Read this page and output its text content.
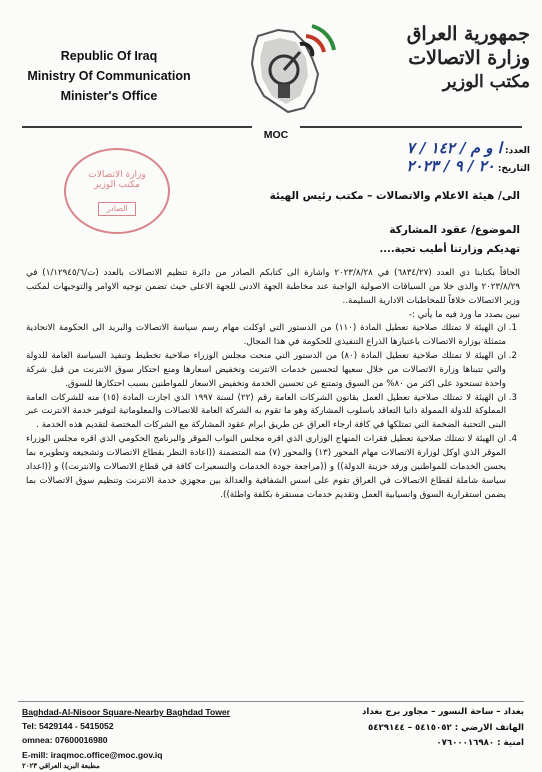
Republic Of Iraq
Ministry Of Communication
Minister's Office
MOC
جمهورية العراق
وزارة الاتصالات
مكتب الوزير
العدد: ا و م / ١٤٢ / ٧
التاريخ: ٢٠ / ٩ / ٢٠٢٣
وزارة الاتصالات
مكتب الوزير
الصادر
الى/ هيئة الاعلام والاتصالات – مكتب رئيس الهيئة
الموضوع/ عقود المشاركة
تهديكم وزارتنا أطيب تحية....

الحاقاً بكتابنا ذي العدد (٦٨٣٤/٢٧) في ٢٠٢٣/٨/٢٨ واشارة الى كتابكم الصادر من دائرة تنظيم الاتصالات بالعدد (ت/١/١٢٩٤٥/٦) في ٢٠٢٣/٨/٢٩ والذي خلا من السياقات الاصولية الواجبة عند مخاطبة الجهة الادنى للجهة الاعلى حيث تضمن توجيه الاوامر والتوجيهات لمكتب وزير الاتصالات خلافاً للمخاطبات الادارية السليمة..

نبين بصدد ما ورد فيه ما يأتي :-

1. ان الهيئة لا تمتلك صلاحية تعطيل المادة (١١٠) من الدستور التي اوكلت مهام رسم سياسة الاتصالات والبريد الى الحكومة الاتحادية متمثلة بوزارة الاتصالات باعتبارها الذراع التنفيذي للحكومة في هذا المجال.
2. ان الهيئة لا تمتلك صلاحية تعطيل المادة (٨٠) من الدستور التي منحت مجلس الوزراء صلاحية تخطيط وتنفيذ السياسة العامة للدولة والتي تتبناها وزارة الاتصالات من خلال سعيها لتحسين خدمات الانترنت وتخفيض اسعارها ومنع احتكار سوق الانترنت من قبل شركة واحدة تستحوذ على اكثر من ٨٠% من السوق وتمتنع عن تحسين الخدمة وتخفيض الاسعار للمواطنين بسبب احتكارها للسوق.
3. ان الهيئة لا تمتلك صلاحية تعطيل العمل بقانون الشركات العامة رقم (٢٢) لسنة ١٩٩٧ الذي اجازت المادة (١٥) منه للشركات العامة المملوكة للدولة الممولة ذاتيا التعاقد باسلوب المشاركة وهو ما تقوم به الشركة العامة للاتصالات والمعلوماتية لتوفير خدمة الانترنت عبر البنى التحتية الضخمة التي تمتلكها في كافة ارجاء العراق عن طريق ابرام عقود المشاركة مع الشركات المختصة لتقديم هذه الخدمة .
4. ان الهيئة لا تمتلك صلاحية تعطيل فقرات المنهاج الوزاري الذي اقره مجلس النواب الموقر والبرنامج الحكومي الذي اقره مجلس الوزراء الموقر الذي اوكل لوزارة الاتصالات مهام المحور (١٣) والمحور (٧) منه المتضمنة ((اعادة النظر بقطاع الاتصالات وتشجيعه وتطويره بما يحسن الخدمات للمواطنين ورفد خزينة الدولة)) و ((مراجعة جودة الخدمات والتسعيرات كافة في قطاع الاتصالات والانترنت)) و ((اعداد سياسة شاملة لقطاع الاتصالات في العراق تقوم على اسس الشفافية والعدالة بين مجهزي خدمة الانترنت وتنظيم سوق الاتصالات بما يضمن استقرارية السوق وانسيابية العمل وتقديم خدمات مستقرة بكلفة واطئة)).
Baghdad-Al-Nisoor Square-Nearby Baghdad Tower
Tel: 5429144 - 5415052
omnea: 07600016980
E-mill: iraqmoc.office@moc.gov.iq
مطبعة البريد العراقي ٢٠٢٣
بغداد – ساحة النسور – مجاور برج بغداد
الهاتف الارضي : ٥٤١٥٠٥٢ – ٥٤٢٩١٤٤
امنية : ٠٧٦٠٠٠١٦٩٨٠
